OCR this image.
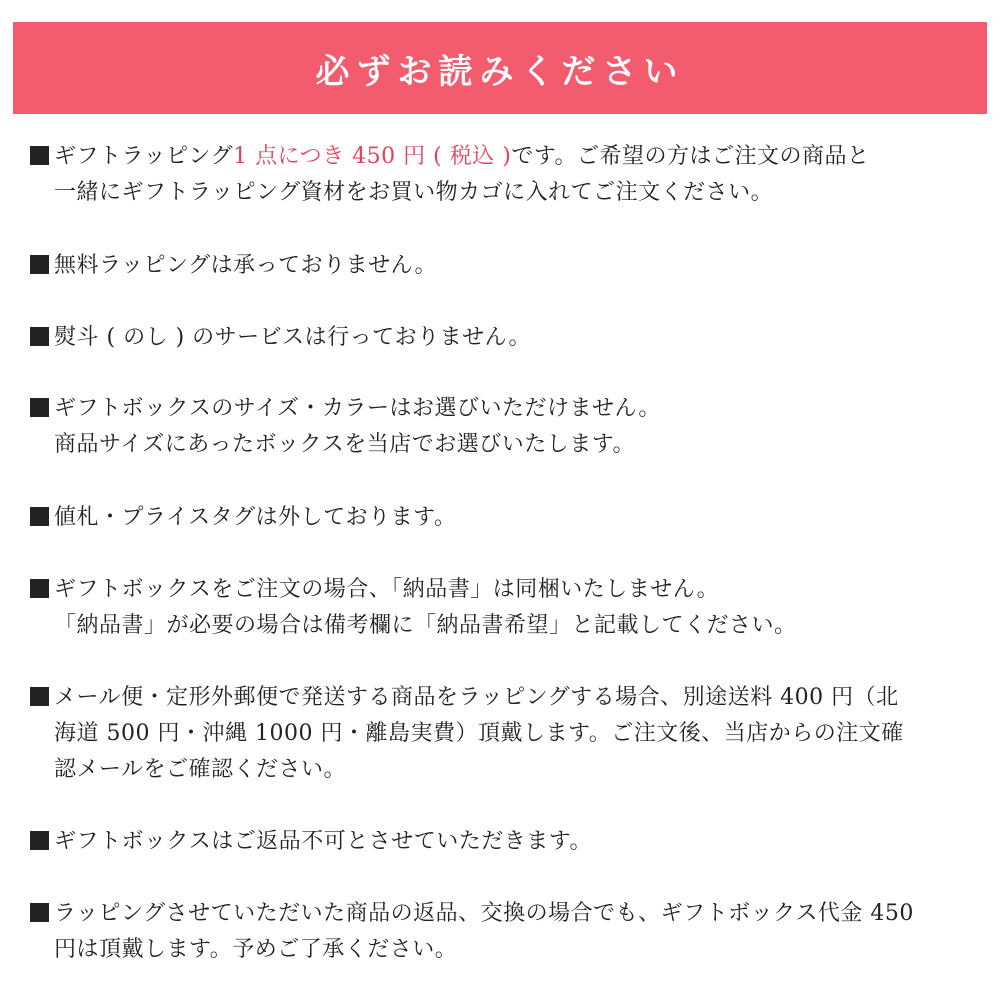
必ずお読みください
ギフトラッピング1 点につき 450 円 ( 税込 )です。ご希望の方はご注文の商品と
一緒にギフトラッピング資材をお買い物カゴに入れてご注文ください。
無料ラッピングは承っておりません。
熨斗 ( のし ) のサービスは行っておりません。
ギフトボックスのサイズ・カラーはお選びいただけません。
商品サイズにあったボックスを当店でお選びいたします。
値札・プライスタグは外しております。
ギフトボックスをご注文の場合、「納品書」は同梱いたしません。
「納品書」が必要の場合は備考欄に「納品書希望」と記載してください。
メール便・定形外郵便で発送する商品をラッピングする場合、別途送料 400 円（北
海道 500 円・沖縄 1000 円・離島実費）頂戴します。ご注文後、当店からの注文確
認メールをご確認ください。
ギフトボックスはご返品不可とさせていただきます。
ラッピングさせていただいた商品の返品、交換の場合でも、ギフトボックス代金 450
円は頂戴します。予めご了承ください。
